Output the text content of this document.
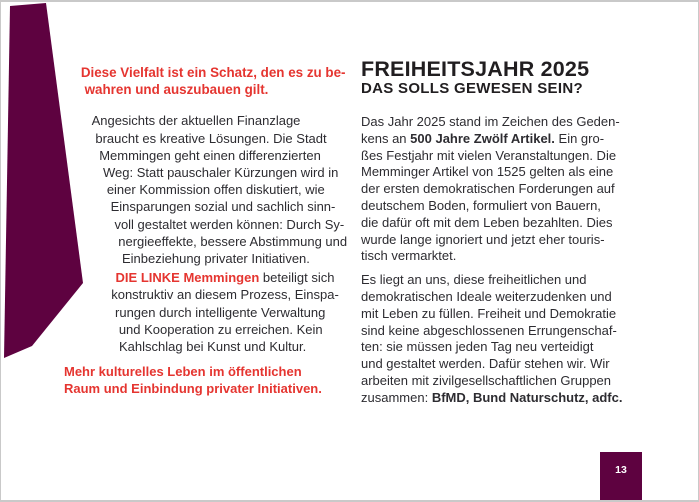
Diese Vielfalt ist ein Schatz, den es zu be-
wahren und auszubauen gilt.
Angesichts der aktuellen Finanzlage
braucht es kreative Lösungen. Die Stadt
Memmingen geht einen differenzierten
Weg: Statt pauschaler Kürzungen wird in
einer Kommission offen diskutiert, wie
Einsparungen sozial und sachlich sinn-
voll gestaltet werden können: Durch Sy-
nergieeffekte, bessere Abstimmung und
Einbeziehung privater Initiativen.
DIE LINKE Memmingen beteiligt sich
konstruktiv an diesem Prozess, Einspa-
rungen durch intelligente Verwaltung
und Kooperation zu erreichen. Kein
Kahlschlag bei Kunst und Kultur.
Mehr kulturelles Leben im öffentlichen
Raum und Einbindung privater Initiativen.
FREIHEITSJAHR 2025
DAS SOLLS GEWESEN SEIN?
Das Jahr 2025 stand im Zeichen des Geden-
kens an 500 Jahre Zwölf Artikel. Ein gro-
ßes Festjahr mit vielen Veranstaltungen. Die
Memminger Artikel von 1525 gelten als eine
der ersten demokratischen Forderungen auf
deutschem Boden, formuliert von Bauern,
die dafür oft mit dem Leben bezahlten. Dies
wurde lange ignoriert und jetzt eher touris-
tisch vermarktet.
Es liegt an uns, diese freiheitlichen und
demokratischen Ideale weiterzudenken und
mit Leben zu füllen. Freiheit und Demokratie
sind keine abgeschlossenen Errungenschaf-
ten: sie müssen jeden Tag neu verteidigt
und gestaltet werden. Dafür stehen wir. Wir
arbeiten mit zivilgesellschaftlichen Gruppen
zusammen: BfMD, Bund Naturschutz, adfc.
13
